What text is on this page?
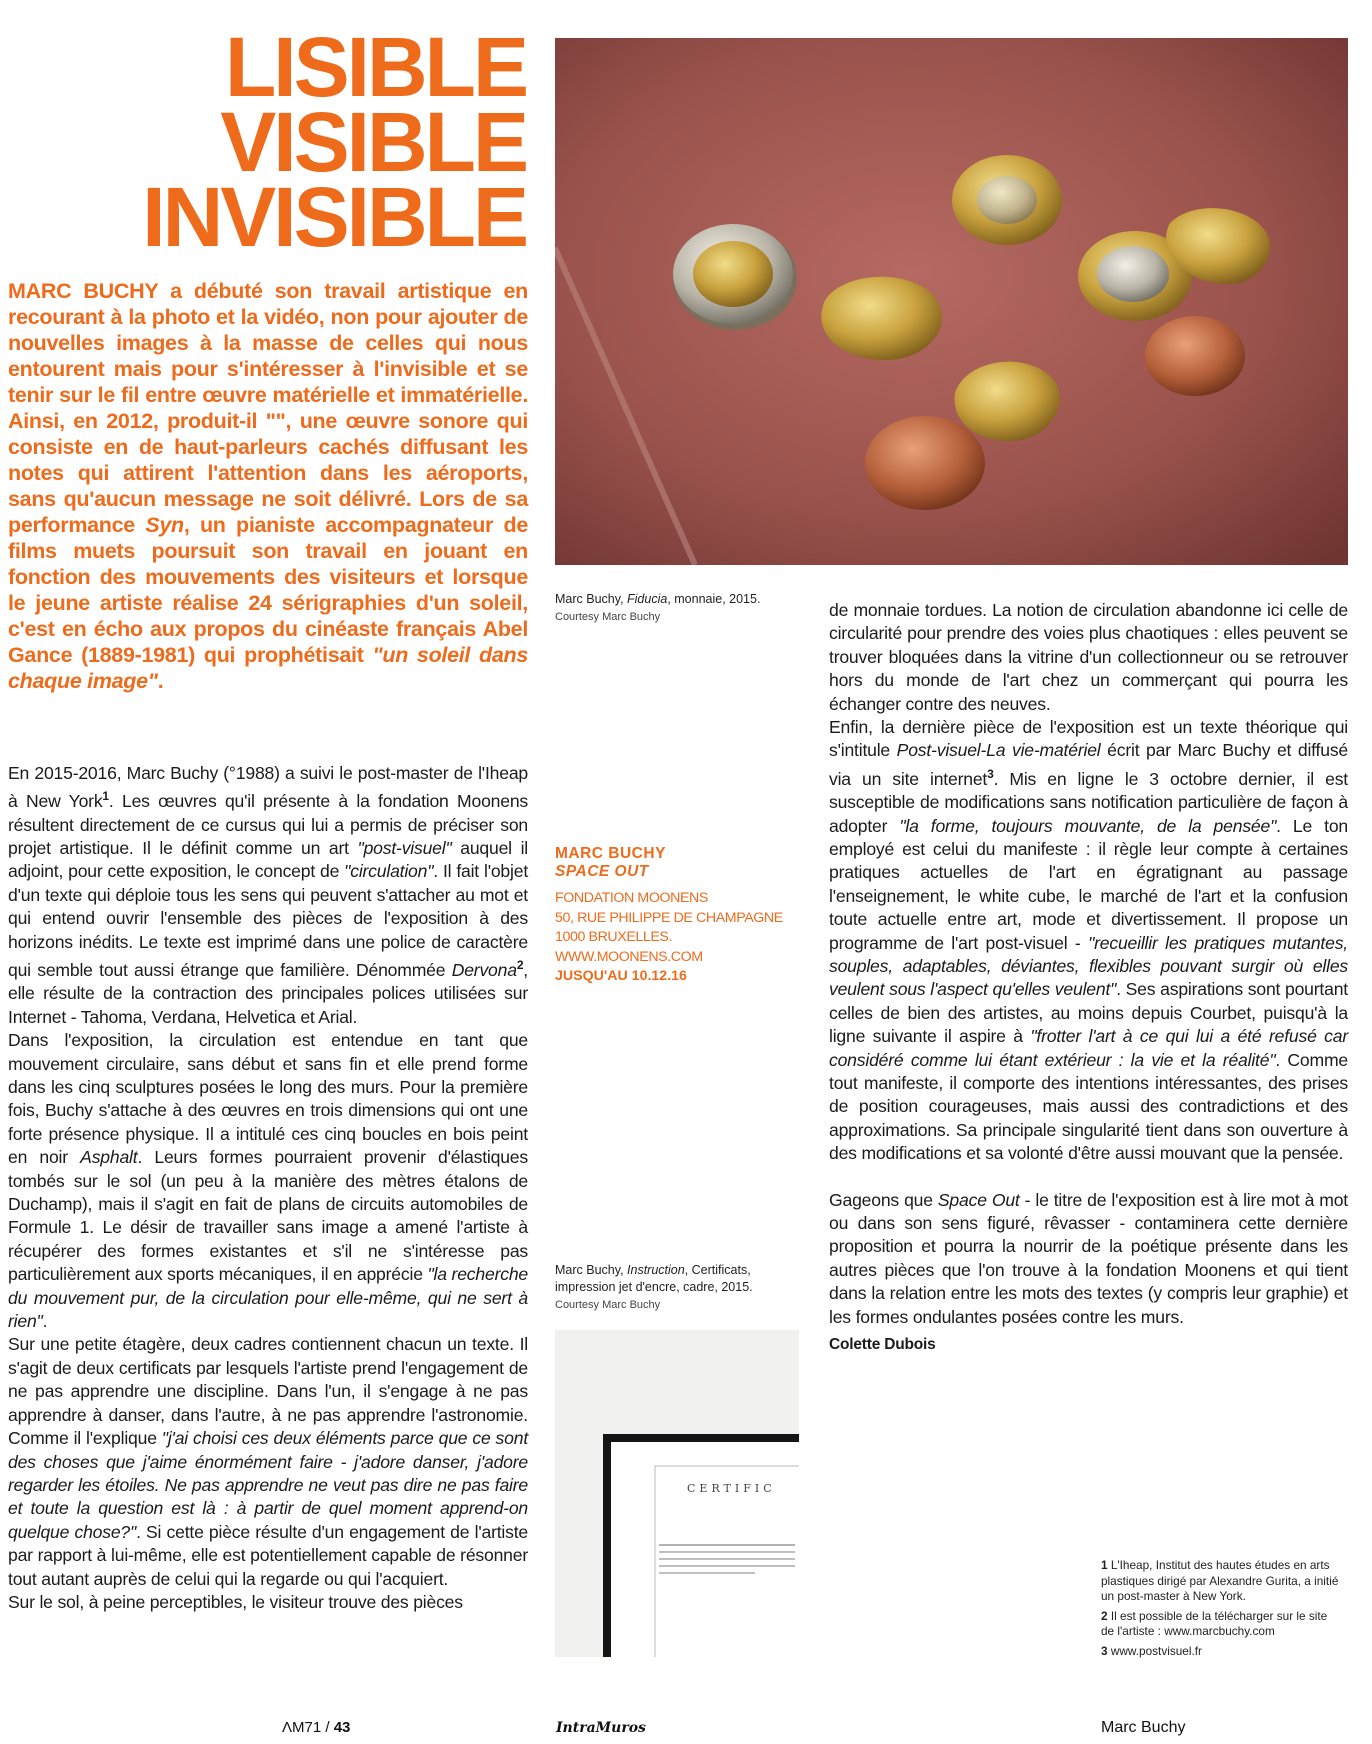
LISIBLE
VISIBLE
INVISIBLE
MARC BUCHY a débuté son travail artistique en recourant à la photo et la vidéo, non pour ajouter de nouvelles images à la masse de celles qui nous entourent mais pour s'intéresser à l'invisible et se tenir sur le fil entre œuvre matérielle et immatérielle. Ainsi, en 2012, produit-il "", une œuvre sonore qui consiste en de haut-parleurs cachés diffusant les notes qui attirent l'attention dans les aéroports, sans qu'aucun message ne soit délivré. Lors de sa performance Syn, un pianiste accompagnateur de films muets poursuit son travail en jouant en fonction des mouvements des visiteurs et lorsque le jeune artiste réalise 24 sérigraphies d'un soleil, c'est en écho aux propos du cinéaste français Abel Gance (1889-1981) qui prophétisait "un soleil dans chaque image".
Marc Buchy, Fiducia, monnaie, 2015.
Courtesy Marc Buchy
MARC BUCHY
SPACE OUT
FONDATION MOONENS
50, RUE PHILIPPE DE CHAMPAGNE
1000 BRUXELLES.
WWW.MOONENS.COM
JUSQU'AU 10.12.16
Marc Buchy, Instruction, Certificats, impression jet d'encre, cadre, 2015.
Courtesy Marc Buchy
CERTIFIC

En 2015-2016, Marc Buchy (°1988) a suivi le post-master de l'Iheap à New York$^1$. Les œuvres qu'il présente à la fondation Moonens résultent directement de ce cursus qui lui a permis de préciser son projet artistique. Il le définit comme un art "post-visuel" auquel il adjoint, pour cette exposition, le concept de "circulation". Il fait l'objet d'un texte qui déploie tous les sens qui peuvent s'attacher au mot et qui entend ouvrir l'ensemble des pièces de l'exposition à des horizons inédits. Le texte est imprimé dans une police de caractère qui semble tout aussi étrange que familière. Dénommée Dervona$^2$, elle résulte de la contraction des principales polices utilisées sur Internet - Tahoma, Verdana, Helvetica et Arial.

Dans l'exposition, la circulation est entendue en tant que mouvement circulaire, sans début et sans fin et elle prend forme dans les cinq sculptures posées le long des murs. Pour la première fois, Buchy s'attache à des œuvres en trois dimensions qui ont une forte présence physique. Il a intitulé ces cinq boucles en bois peint en noir Asphalt. Leurs formes pourraient provenir d'élastiques tombés sur le sol (un peu à la manière des mètres étalons de Duchamp), mais il s'agit en fait de plans de circuits automobiles de Formule 1. Le désir de travailler sans image a amené l'artiste à récupérer des formes existantes et s'il ne s'intéresse pas particulièrement aux sports mécaniques, il en apprécie "la recherche du mouvement pur, de la circulation pour elle-même, qui ne sert à rien".

Sur une petite étagère, deux cadres contiennent chacun un texte. Il s'agit de deux certificats par lesquels l'artiste prend l'engagement de ne pas apprendre une discipline. Dans l'un, il s'engage à ne pas apprendre à danser, dans l'autre, à ne pas apprendre l'astronomie. Comme il l'explique "j'ai choisi ces deux éléments parce que ce sont des choses que j'aime énormément faire - j'adore danser, j'adore regarder les étoiles. Ne pas apprendre ne veut pas dire ne pas faire et toute la question est là : à partir de quel moment apprend-on quelque chose?". Si cette pièce résulte d'un engagement de l'artiste par rapport à lui-même, elle est potentiellement capable de résonner tout autant auprès de celui qui la regarde ou qui l'acquiert.

Sur le sol, à peine perceptibles, le visiteur trouve des pièces

de monnaie tordues. La notion de circulation abandonne ici celle de circularité pour prendre des voies plus chaotiques : elles peuvent se trouver bloquées dans la vitrine d'un collectionneur ou se retrouver hors du monde de l'art chez un commerçant qui pourra les échanger contre des neuves.

Enfin, la dernière pièce de l'exposition est un texte théorique qui s'intitule Post-visuel-La vie-matériel écrit par Marc Buchy et diffusé via un site internet$^3$. Mis en ligne le 3 octobre dernier, il est susceptible de modifications sans notification particulière de façon à adopter "la forme, toujours mouvante, de la pensée". Le ton employé est celui du manifeste : il règle leur compte à certaines pratiques actuelles de l'art en égratignant au passage l'enseignement, le white cube, le marché de l'art et la confusion toute actuelle entre art, mode et divertissement. Il propose un programme de l'art post-visuel - "recueillir les pratiques mutantes, souples, adaptables, déviantes, flexibles pouvant surgir où elles veulent sous l'aspect qu'elles veulent". Ses aspirations sont pourtant celles de bien des artistes, au moins depuis Courbet, puisqu'à la ligne suivante il aspire à "frotter l'art à ce qui lui a été refusé car considéré comme lui étant extérieur : la vie et la réalité". Comme tout manifeste, il comporte des intentions intéressantes, des prises de position courageuses, mais aussi des contradictions et des approximations. Sa principale singularité tient dans son ouverture à des modifications et sa volonté d'être aussi mouvant que la pensée.

Gageons que Space Out - le titre de l'exposition est à lire mot à mot ou dans son sens figuré, rêvasser - contaminera cette dernière proposition et pourra la nourrir de la poétique présente dans les autres pièces que l'on trouve à la fondation Moonens et qui tient dans la relation entre les mots des textes (y compris leur graphie) et les formes ondulantes posées contre les murs.

Colette Dubois

1 L'Iheap, Institut des hautes études en arts plastiques dirigé par Alexandre Gurita, a initié un post-master à New York.

2 Il est possible de la télécharger sur le site de l'artiste : www.marcbuchy.com

3 www.postvisuel.fr

ΛM71 / 43	IntraMuros	Marc Buchy
